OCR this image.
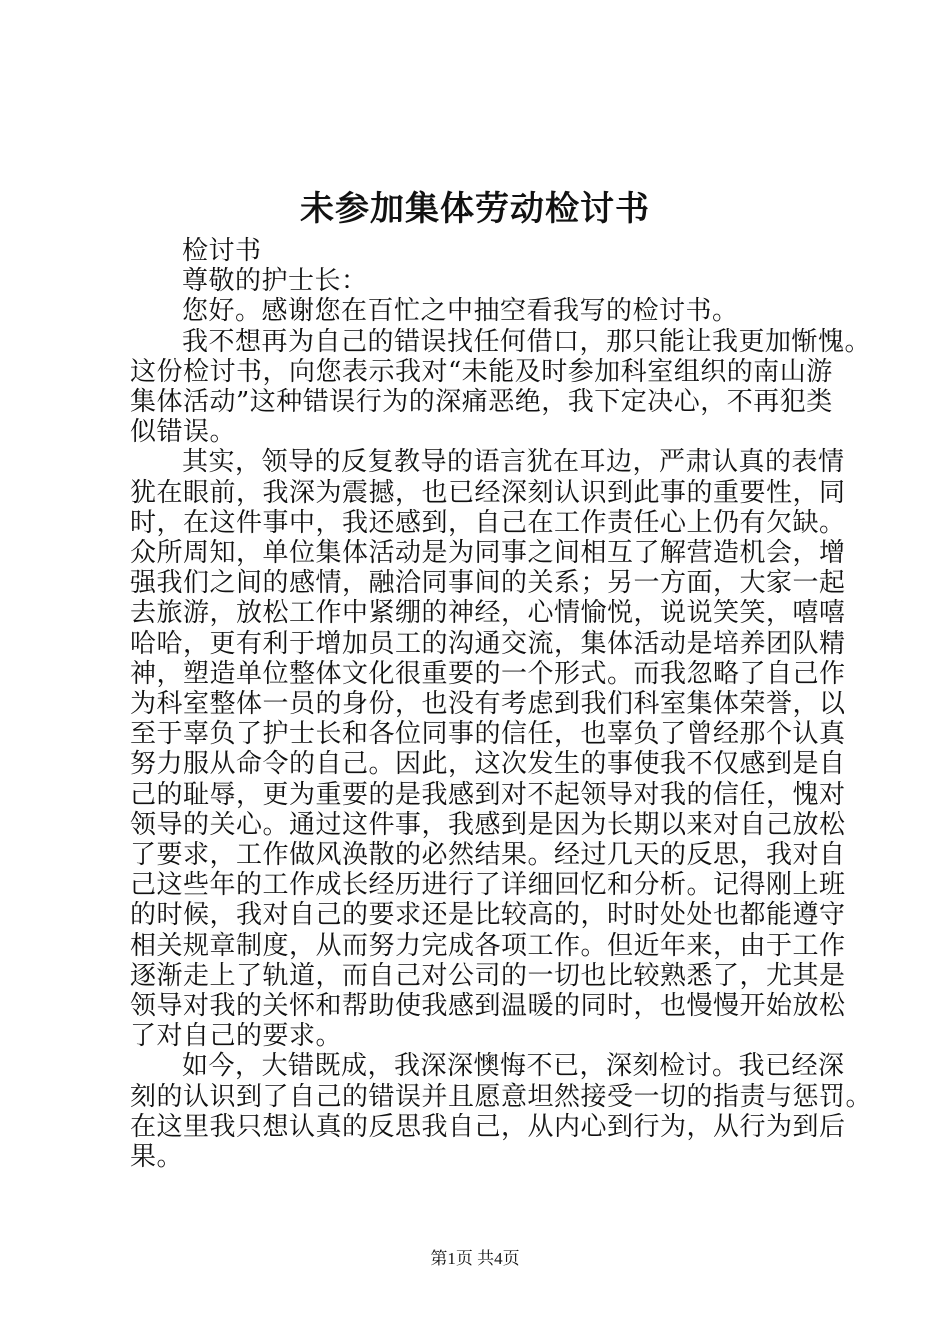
未参加集体劳动检讨书
检讨书
尊敬的护士长：
您好。感谢您在百忙之中抽空看我写的检讨书。
我不想再为自己的错误找任何借口，那只能让我更加惭愧。
这份检讨书，向您表示我对“未能及时参加科室组织的南山游
集体活动”这种错误行为的深痛恶绝，我下定决心，不再犯类
似错误。
其实，领导的反复教导的语言犹在耳边，严肃认真的表情
犹在眼前，我深为震撼，也已经深刻认识到此事的重要性，同
时，在这件事中，我还感到，自己在工作责任心上仍有欠缺。
众所周知，单位集体活动是为同事之间相互了解营造机会，增
强我们之间的感情，融洽同事间的关系；另一方面，大家一起
去旅游，放松工作中紧绷的神经，心情愉悦，说说笑笑，嘻嘻
哈哈，更有利于增加员工的沟通交流，集体活动是培养团队精
神，塑造单位整体文化很重要的一个形式。而我忽略了自己作
为科室整体一员的身份，也没有考虑到我们科室集体荣誉，以
至于辜负了护士长和各位同事的信任，也辜负了曾经那个认真
努力服从命令的自己。因此，这次发生的事使我不仅感到是自
己的耻辱，更为重要的是我感到对不起领导对我的信任，愧对
领导的关心。通过这件事，我感到是因为长期以来对自己放松
了要求，工作做风涣散的必然结果。经过几天的反思，我对自
己这些年的工作成长经历进行了详细回忆和分析。记得刚上班
的时候，我对自己的要求还是比较高的，时时处处也都能遵守
相关规章制度，从而努力完成各项工作。但近年来，由于工作
逐渐走上了轨道，而自己对公司的一切也比较熟悉了，尤其是
领导对我的关怀和帮助使我感到温暖的同时，也慢慢开始放松
了对自己的要求。
如今，大错既成，我深深懊悔不已，深刻检讨。我已经深
刻的认识到了自己的错误并且愿意坦然接受一切的指责与惩罚。
在这里我只想认真的反思我自己，从内心到行为，从行为到后
果。
第1页 共4页
